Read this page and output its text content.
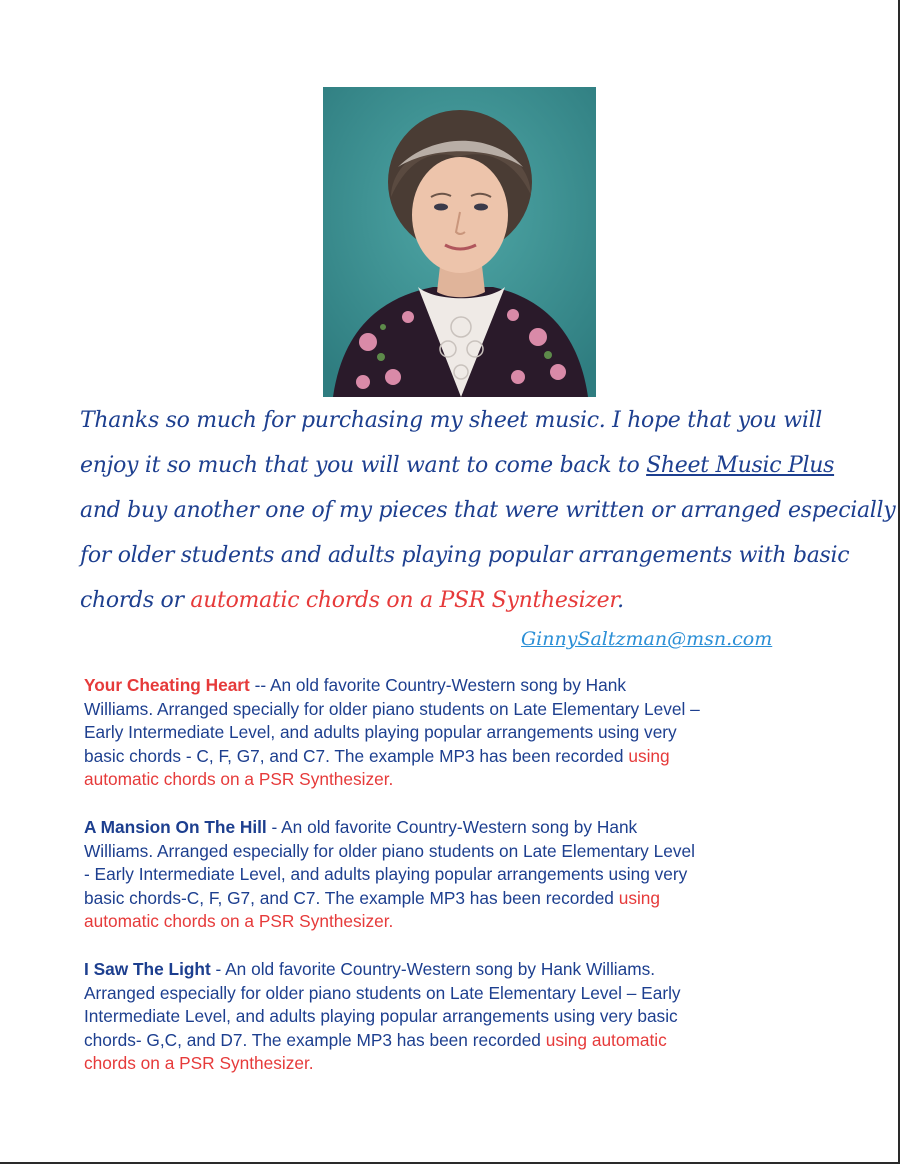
Thanks so much for purchasing my sheet music. I hope that you will
enjoy it so much that you will want to come back to Sheet Music Plus
and buy another one of my pieces that were written or arranged especially
for older students and adults playing popular arrangements with basic
chords or automatic chords on a PSR Synthesizer.
GinnySaltzman@msn.com
Your Cheating Heart -- An old favorite Country-Western song by Hank
Williams. Arranged specially for older piano students on Late Elementary Level –
Early Intermediate Level, and adults playing popular arrangements using very
basic chords - C, F, G7, and C7. The example MP3 has been recorded using
automatic chords on a PSR Synthesizer.
A Mansion On The Hill - An old favorite Country-Western song by Hank
Williams. Arranged especially for older piano students on Late Elementary Level
- Early Intermediate Level, and adults playing popular arrangements using very
basic chords-C, F, G7, and C7. The example MP3 has been recorded using
automatic chords on a PSR Synthesizer.
I Saw The Light - An old favorite Country-Western song by Hank Williams.
Arranged especially for older piano students on Late Elementary Level – Early
Intermediate Level, and adults playing popular arrangements using very basic
chords- G,C, and D7. The example MP3 has been recorded using automatic
chords on a PSR Synthesizer.
